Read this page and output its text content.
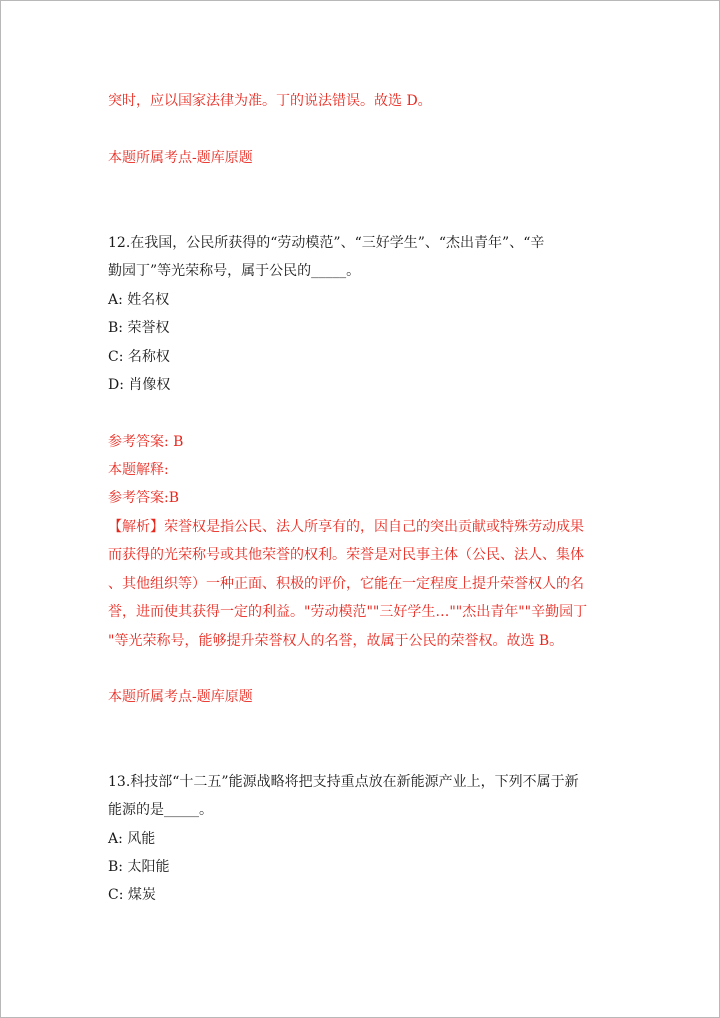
突时，应以国家法律为准。丁的说法错误。故选 D。
本题所属考点-题库原题
12.在我国，公民所获得的“劳动模范”、“三好学生”、“杰出青年”、“辛
勤园丁”等光荣称号，属于公民的_____。
A: 姓名权
B: 荣誉权
C: 名称权
D: 肖像权
参考答案: B
本题解释:
参考答案:B
【解析】荣誉权是指公民、法人所享有的，因自己的突出贡献或特殊劳动成果
而获得的光荣称号或其他荣誉的权利。荣誉是对民事主体（公民、法人、集体
、其他组织等）一种正面、积极的评价，它能在一定程度上提升荣誉权人的名
誉，进而使其获得一定的利益。"劳动模范""三好学生…""杰出青年""辛勤园丁
"等光荣称号，能够提升荣誉权人的名誉，故属于公民的荣誉权。故选 B。
本题所属考点-题库原题
13.科技部“十二五”能源战略将把支持重点放在新能源产业上，下列不属于新
能源的是_____。
A: 风能
B: 太阳能
C: 煤炭
